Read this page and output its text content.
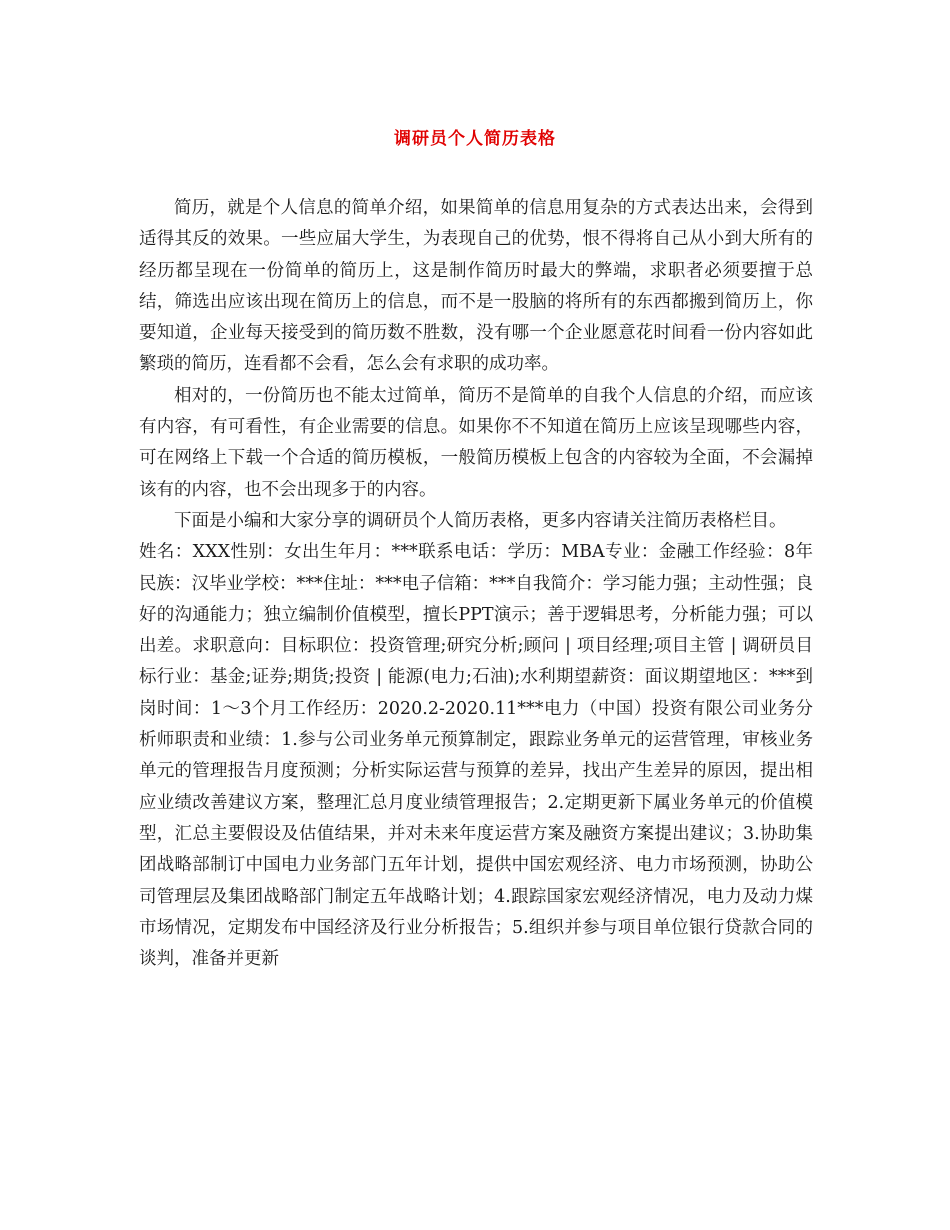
调研员个人简历表格

简历，就是个人信息的简单介绍，如果简单的信息用复杂的方式表达出来，会得到适得其反的效果。一些应届大学生，为表现自己的优势，恨不得将自己从小到大所有的经历都呈现在一份简单的简历上，这是制作简历时最大的弊端，求职者必须要擅于总结，筛选出应该出现在简历上的信息，而不是一股脑的将所有的东西都搬到简历上，你要知道，企业每天接受到的简历数不胜数，没有哪一个企业愿意花时间看一份内容如此繁琐的简历，连看都不会看，怎么会有求职的成功率。

相对的，一份简历也不能太过简单，简历不是简单的自我个人信息的介绍，而应该有内容，有可看性，有企业需要的信息。如果你不不知道在简历上应该呈现哪些内容，可在网络上下载一个合适的简历模板，一般简历模板上包含的内容较为全面，不会漏掉该有的内容，也不会出现多于的内容。

下面是小编和大家分享的调研员个人简历表格，更多内容请关注简历表格栏目。

姓名：XXX性别：女出生年月：***联系电话：学历：MBA专业：金融工作经验：8年民族：汉毕业学校：***住址：***电子信箱：***自我简介：学习能力强；主动性强；良好的沟通能力；独立编制价值模型，擅长PPT演示；善于逻辑思考，分析能力强；可以出差。求职意向：目标职位：投资管理;研究分析;顾问 | 项目经理;项目主管 | 调研员目标行业：基金;证券;期货;投资 | 能源(电力;石油);水利期望薪资：面议期望地区：***到岗时间：1～3个月工作经历：2020.2-2020.11***电力（中国）投资有限公司业务分析师职责和业绩：1.参与公司业务单元预算制定，跟踪业务单元的运营管理，审核业务单元的管理报告月度预测；分析实际运营与预算的差异，找出产生差异的原因，提出相应业绩改善建议方案，整理汇总月度业绩管理报告；2.定期更新下属业务单元的价值模型，汇总主要假设及估值结果，并对未来年度运营方案及融资方案提出建议；3.协助集团战略部制订中国电力业务部门五年计划，提供中国宏观经济、电力市场预测，协助公司管理层及集团战略部门制定五年战略计划；4.跟踪国家宏观经济情况，电力及动力煤市场情况，定期发布中国经济及行业分析报告；5.组织并参与项目单位银行贷款合同的谈判，准备并更新
